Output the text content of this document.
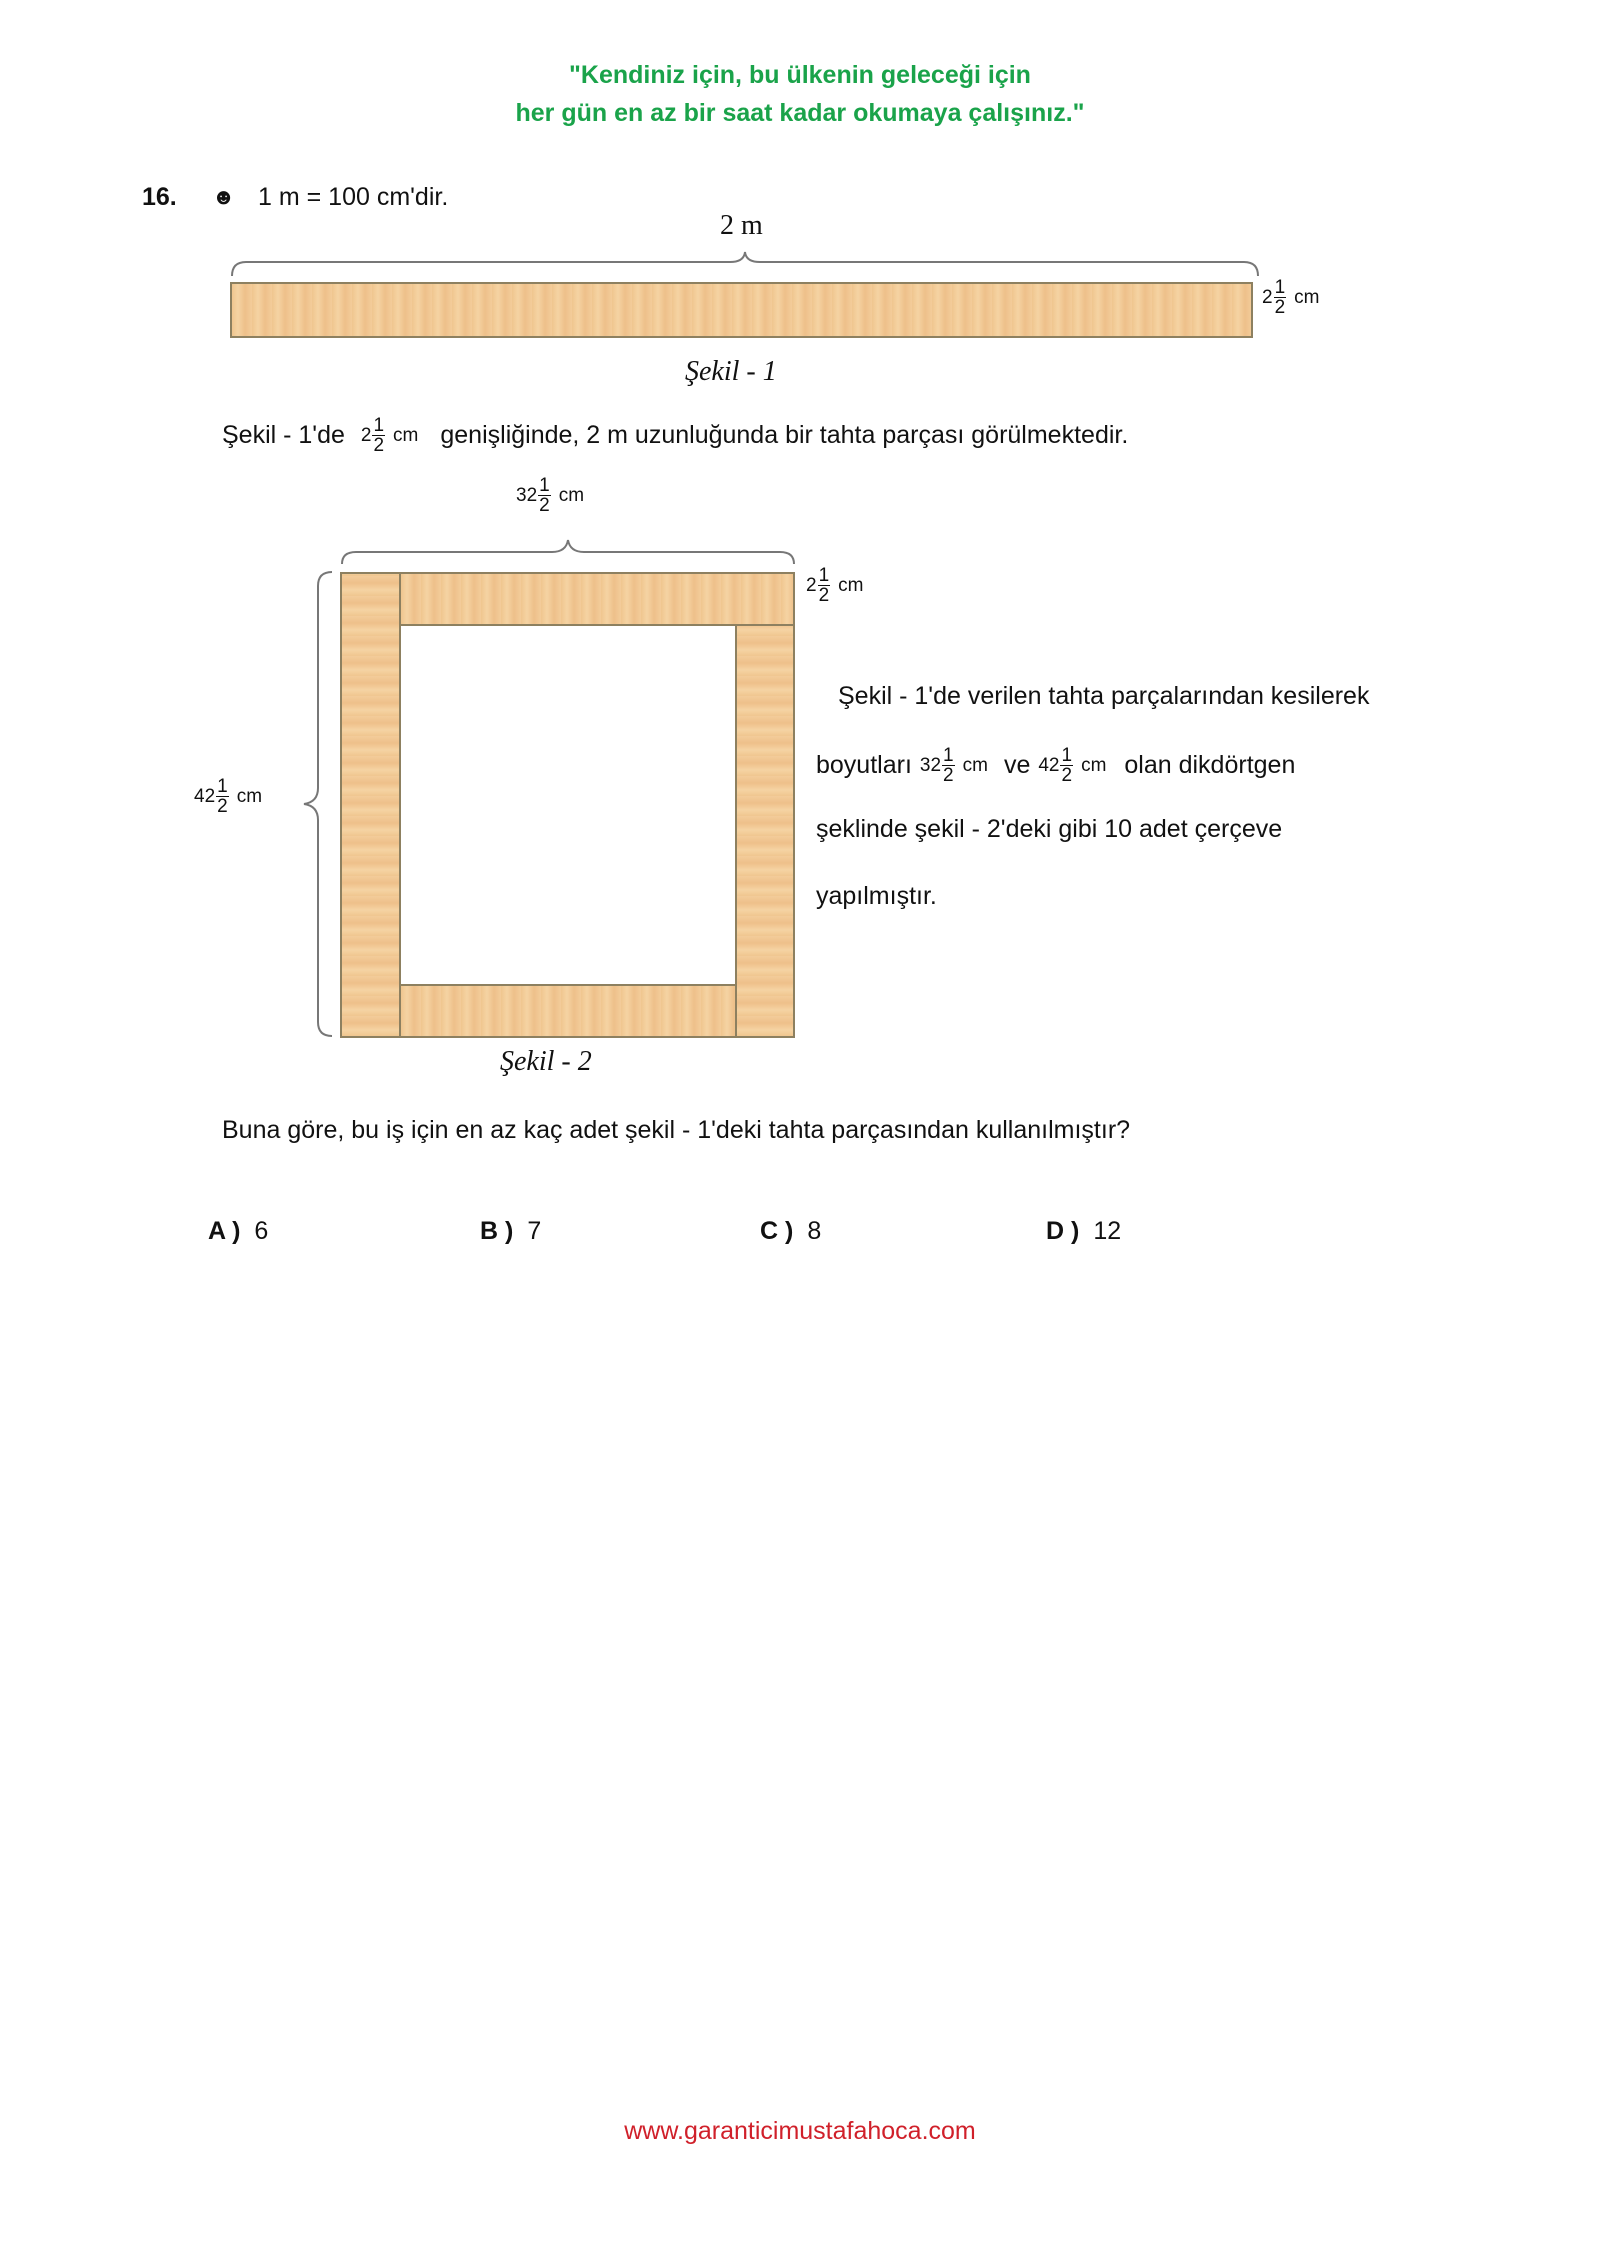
"Kendiniz için, bu ülkenin geleceği için
her gün en az bir saat kadar okumaya çalışınız."
16. ☻ 1 m = 100 cm'dir.
2 m
$2 \frac{1}{2}$ cm
Şekil - 1
Şekil - 1'de $2 \frac{1}{2}$ cm genişliğinde, 2 m uzunluğunda bir tahta parçası görülmektedir.
$32 \frac{1}{2}$ cm
$2 \frac{1}{2}$ cm
$42 \frac{1}{2}$ cm
Şekil - 2
Şekil - 1'de verilen tahta parçalarından kesilerek
boyutları $32 \frac{1}{2}$ cm ve $42 \frac{1}{2}$ cm olan dikdörtgen
şeklinde şekil - 2'deki gibi 10 adet çerçeve
yapılmıştır.
Buna göre, bu iş için en az kaç adet şekil - 1'deki tahta parçasından kullanılmıştır?
A ) 6	B ) 7	C ) 8	D ) 12
www.garanticimustafahoca.com
